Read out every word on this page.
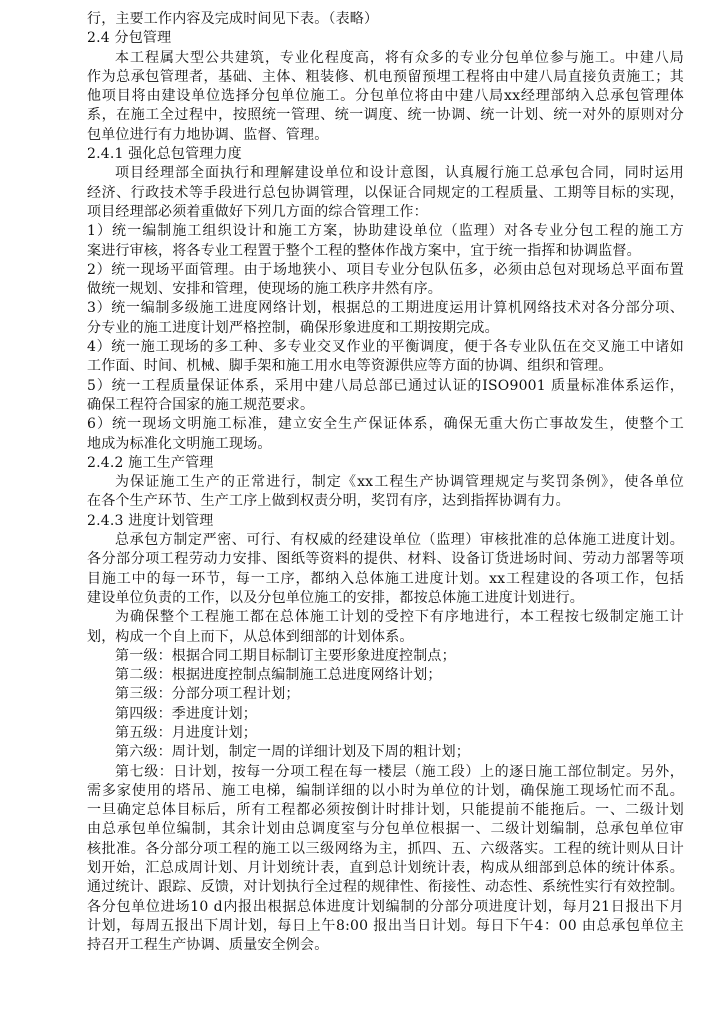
行，主要工作内容及完成时间见下表。（表略）
2.4 分包管理
本工程属大型公共建筑，专业化程度高，将有众多的专业分包单位参与施工。中建八局
作为总承包管理者，基础、主体、粗装修、机电预留预埋工程将由中建八局直接负责施工；其
他项目将由建设单位选择分包单位施工。分包单位将由中建八局xx经理部纳入总承包管理体
系，在施工全过程中，按照统一管理、统一调度、统一协调、统一计划、统一对外的原则对分
包单位进行有力地协调、监督、管理。
2.4.1 强化总包管理力度
项目经理部全面执行和理解建设单位和设计意图，认真履行施工总承包合同，同时运用
经济、行政技术等手段进行总包协调管理，以保证合同规定的工程质量、工期等目标的实现，
项目经理部必须着重做好下列几方面的综合管理工作：
1）统一编制施工组织设计和施工方案，协助建设单位（监理）对各专业分包工程的施工方
案进行审核，将各专业工程置于整个工程的整体作战方案中，宜于统一指挥和协调监督。
2）统一现场平面管理。由于场地狭小、项目专业分包队伍多，必须由总包对现场总平面布置
做统一规划、安排和管理，使现场的施工秩序井然有序。
3）统一编制多级施工进度网络计划，根据总的工期进度运用计算机网络技术对各分部分项、
分专业的施工进度计划严格控制，确保形象进度和工期按期完成。
4）统一施工现场的多工种、多专业交叉作业的平衡调度，便于各专业队伍在交叉施工中诸如
工作面、时间、机械、脚手架和施工用水电等资源供应等方面的协调、组织和管理。
5）统一工程质量保证体系，采用中建八局总部已通过认证的ISO9001 质量标准体系运作，
确保工程符合国家的施工规范要求。
6）统一现场文明施工标准，建立安全生产保证体系，确保无重大伤亡事故发生，使整个工
地成为标准化文明施工现场。
2.4.2 施工生产管理
为保证施工生产的正常进行，制定《xx工程生产协调管理规定与奖罚条例》，使各单位
在各个生产环节、生产工序上做到权责分明，奖罚有序，达到指挥协调有力。
2.4.3 进度计划管理
总承包方制定严密、可行、有权威的经建设单位（监理）审核批准的总体施工进度计划。
各分部分项工程劳动力安排、图纸等资料的提供、材料、设备订货进场时间、劳动力部署等项
目施工中的每一环节，每一工序，都纳入总体施工进度计划。xx工程建设的各项工作，包括
建设单位负责的工作，以及分包单位施工的安排，都按总体施工进度计划进行。
为确保整个工程施工都在总体施工计划的受控下有序地进行，本工程按七级制定施工计
划，构成一个自上而下，从总体到细部的计划体系。
第一级：根据合同工期目标制订主要形象进度控制点；
第二级：根据进度控制点编制施工总进度网络计划；
第三级：分部分项工程计划；
第四级：季进度计划；
第五级：月进度计划；
第六级：周计划，制定一周的详细计划及下周的粗计划；
第七级：日计划，按每一分项工程在每一楼层（施工段）上的逐日施工部位制定。另外，
需多家使用的塔吊、施工电梯，编制详细的以小时为单位的计划，确保施工现场忙而不乱。
一旦确定总体目标后，所有工程都必须按倒计时排计划，只能提前不能拖后。一、二级计划
由总承包单位编制，其余计划由总调度室与分包单位根据一、二级计划编制，总承包单位审
核批准。各分部分项工程的施工以三级网络为主，抓四、五、六级落实。工程的统计则从日计
划开始，汇总成周计划、月计划统计表，直到总计划统计表，构成从细部到总体的统计体系。
通过统计、跟踪、反馈，对计划执行全过程的规律性、衔接性、动态性、系统性实行有效控制。
各分包单位进场10 d内报出根据总体进度计划编制的分部分项进度计划，每月21日报出下月
计划，每周五报出下周计划，每日上午8:00 报出当日计划。每日下午4：00 由总承包单位主
持召开工程生产协调、质量安全例会。
